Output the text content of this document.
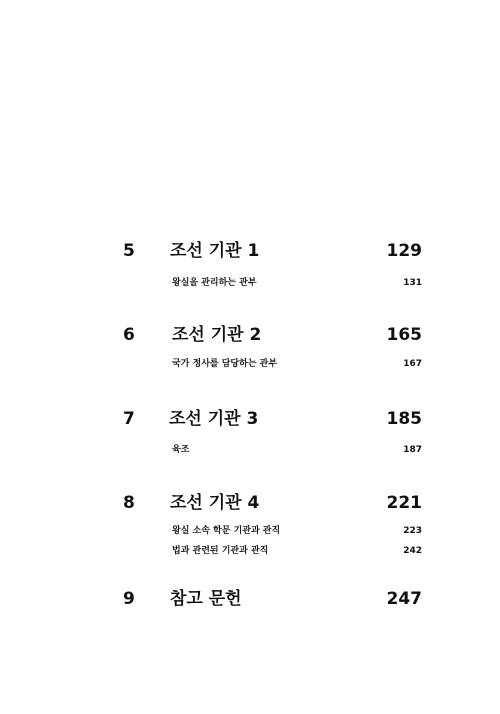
5 조선 기관 1	129
왕실을 관리하는 관부	131
6 조선 기관 2	165
국가 정사를 담당하는 관부	167
7 조선 기관 3	185
육조	187
8 조선 기관 4	221
왕실 소속 학문 기관과 관직	223
법과 관련된 기관과 관직	242
9 참고 문헌	247
